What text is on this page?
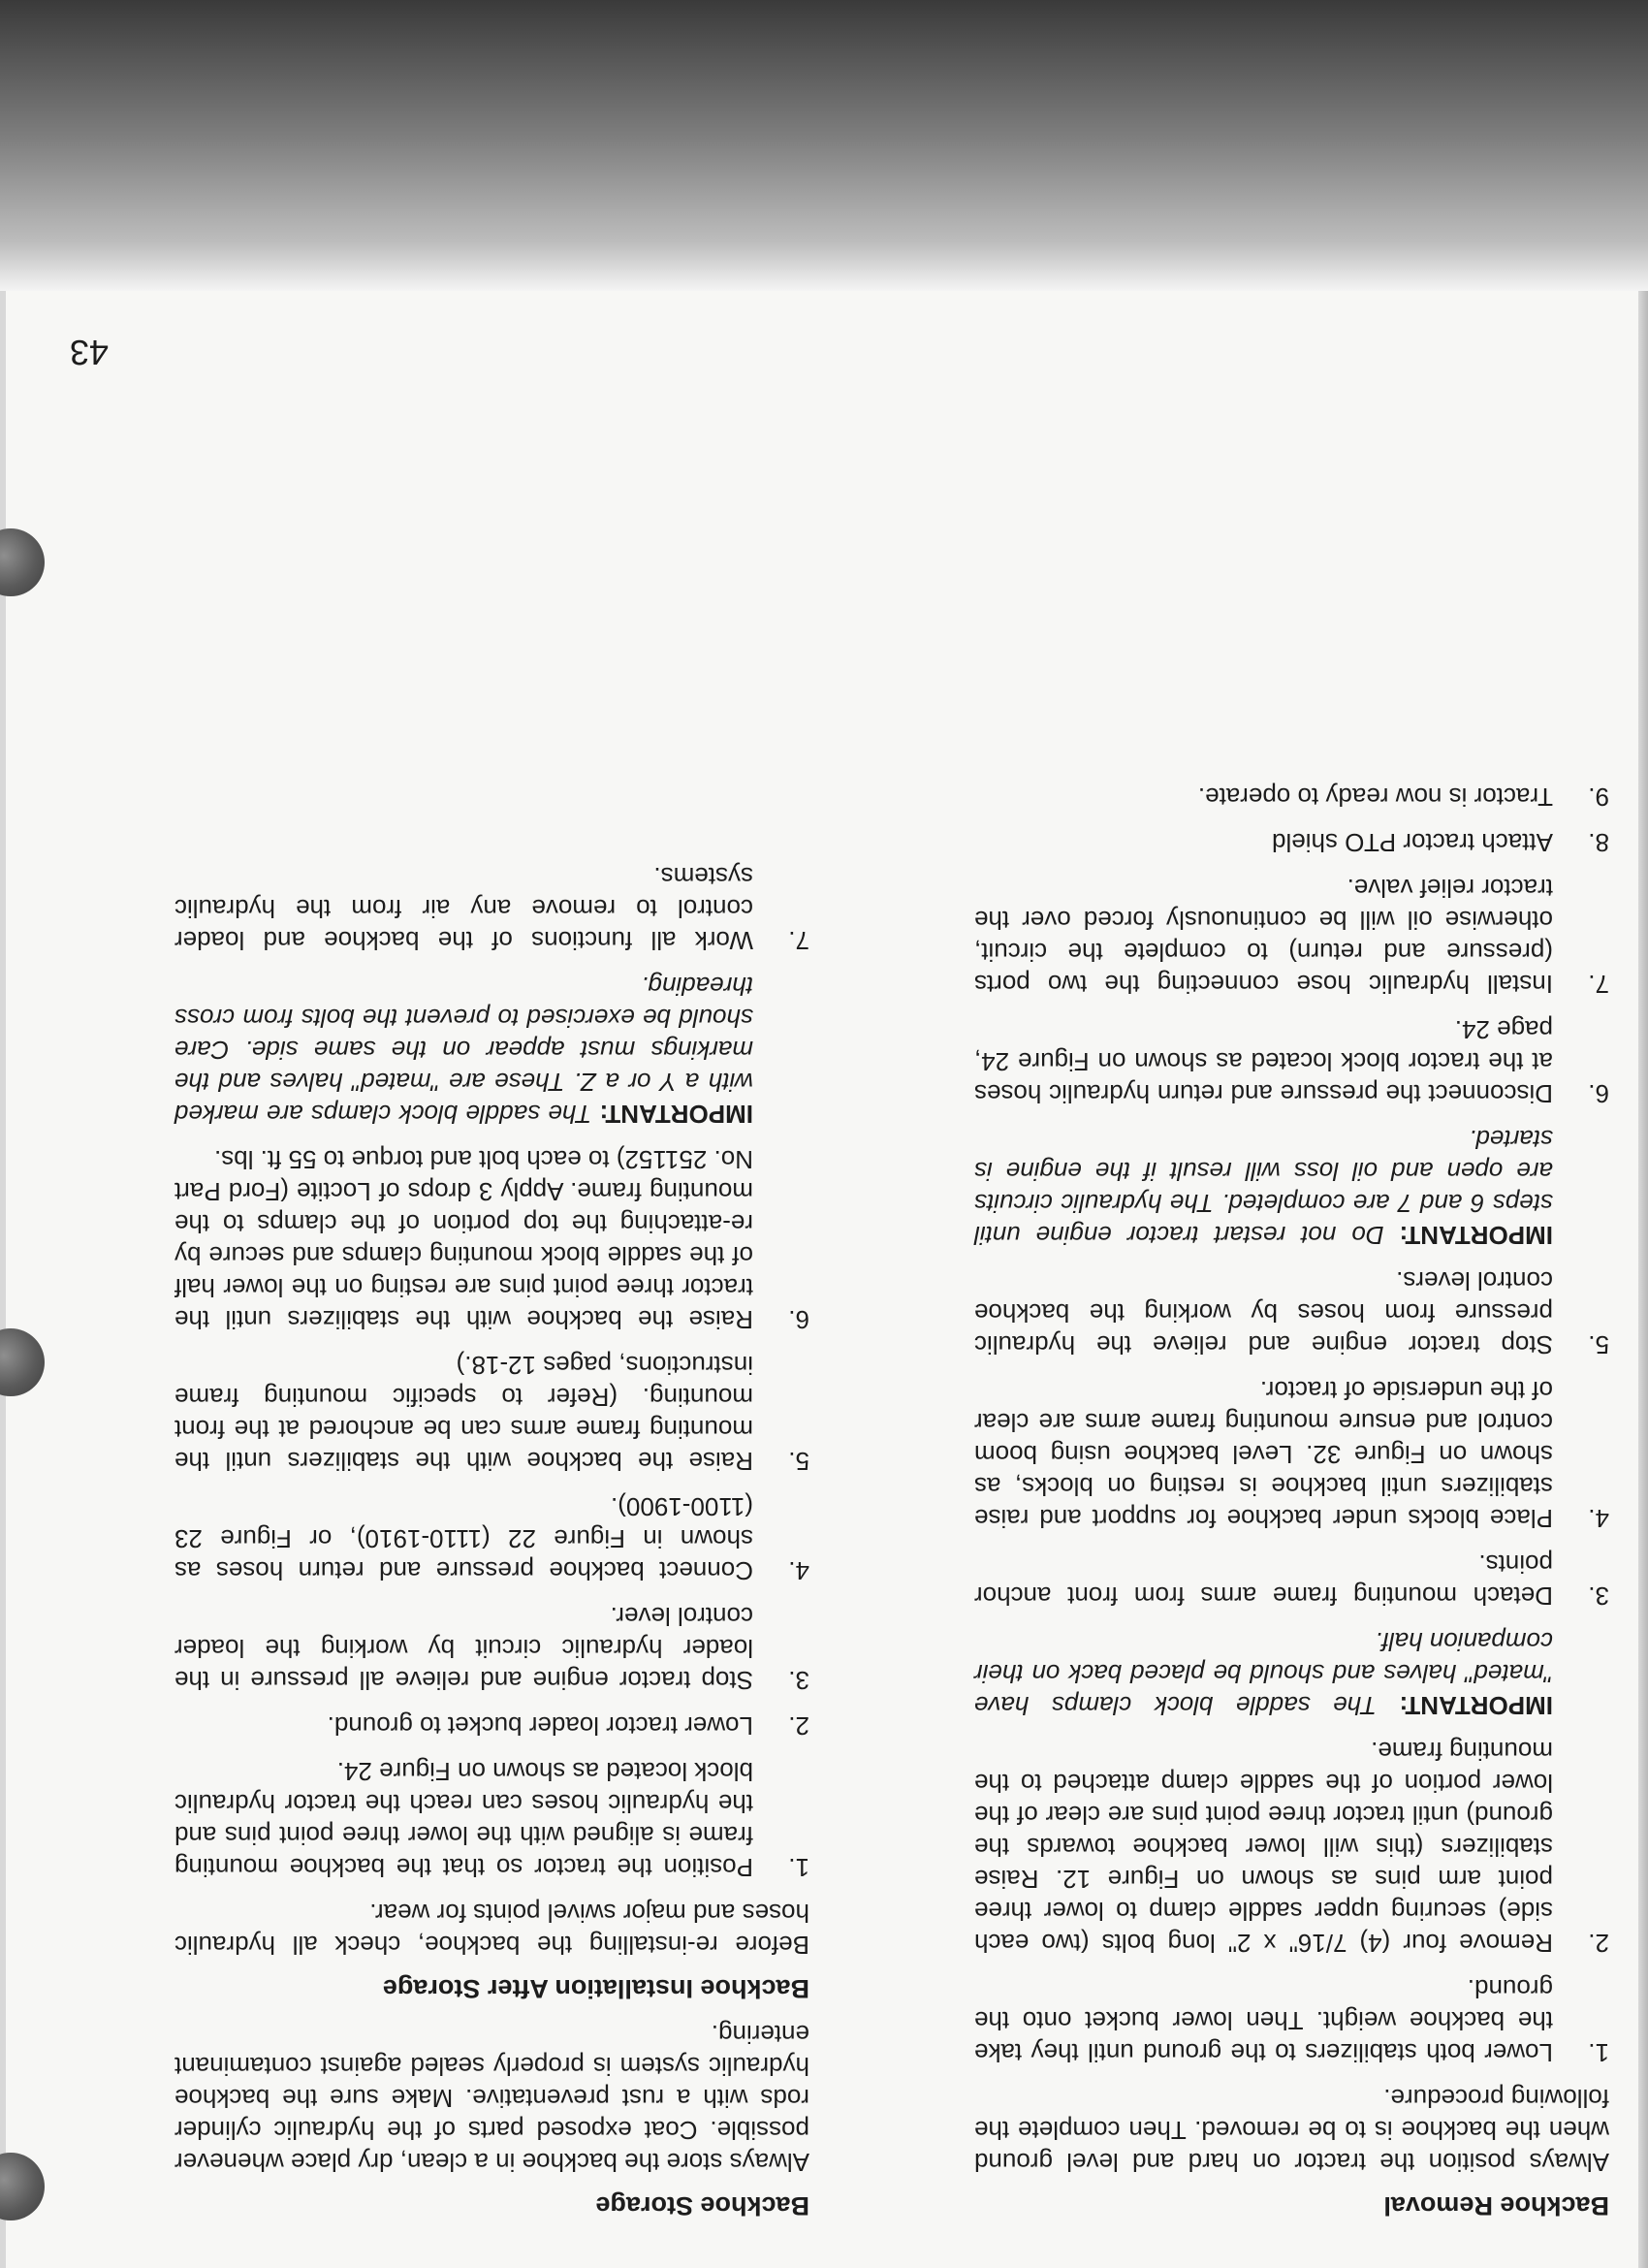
Backhoe Removal

Always position the tractor on hard and level ground when the backhoe is to be removed. Then complete the following procedure.

1.
Lower both stabilizers to the ground until they take the backhoe weight. Then lower bucket onto the ground.
2.
Remove four (4) 7/16" x 2" long bolts (two each side) securing upper saddle clamp to lower three point arm pins as shown on Figure 12. Raise stabilizers (this will lower backhoe towards the ground) until tractor three point pins are clear of the lower portion of the saddle clamp attached to the mounting frame.
IMPORTANT: The saddle block clamps have "mated" halves and should be placed back on their companion half.
3.
Detach mounting frame arms from front anchor points.
4.
Place blocks under backhoe for support and raise stabilizers until backhoe is resting on blocks, as shown on Figure 32. Level backhoe using boom control and ensure mounting frame arms are clear of the underside of tractor.
5.
Stop tractor engine and relieve the hydraulic pressure from hoses by working the backhoe control levers.
IMPORTANT: Do not restart tractor engine until steps 6 and 7 are completed. The hydraulic circuits are open and oil loss will result if the engine is started.
6.
Disconnect the pressure and return hydraulic hoses at the tractor block located as shown on Figure 24, page 24.
7.
Install hydraulic hose connecting the two ports (pressure and return) to complete the circuit, otherwise oil will be continuously forced over the tractor relief valve.
8.
Attach tractor PTO shield
9.
Tractor is now ready to operate.
Backhoe Storage

Always store the backhoe in a clean, dry place whenever possible. Coat exposed parts of the hydraulic cylinder rods with a rust preventative. Make sure the backhoe hydraulic system is properly sealed against contaminant entering.

Backhoe Installation After Storage

Before re-installing the backhoe, check all hydraulic hoses and major swivel points for wear.

1.
Position the tractor so that the backhoe mounting frame is aligned with the lower three point pins and the hydraulic hoses can reach the tractor hydraulic block located as shown on Figure 24.
2.
Lower tractor loader bucket to ground.
3.
Stop tractor engine and relieve all pressure in the loader hydraulic circuit by working the loader control lever.
4.
Connect backhoe pressure and return hoses as shown in Figure 22 (1110-1910), or Figure 23 (1100-1900).
5.
Raise the backhoe with the stabilizers until the mounting frame arms can be anchored at the front mounting. (Refer to specific mounting frame instructions, pages 12-18.)
6.
Raise the backhoe with the stabilizers until the tractor three point pins are resting on the lower half of the saddle block mounting clamps and secure by re-attaching the top portion of the clamps to the mounting frame. Apply 3 drops of Loctite (Ford Part No. 251152) to each bolt and torque to 55 ft. lbs.
IMPORTANT: The saddle block clamps are marked with a Y or a Z. These are "mated" halves and the markings must appear on the same side. Care should be exercised to prevent the bolts from cross threading.
7.
Work all functions of the backhoe and loader control to remove any air from the hydraulic systems.
43
